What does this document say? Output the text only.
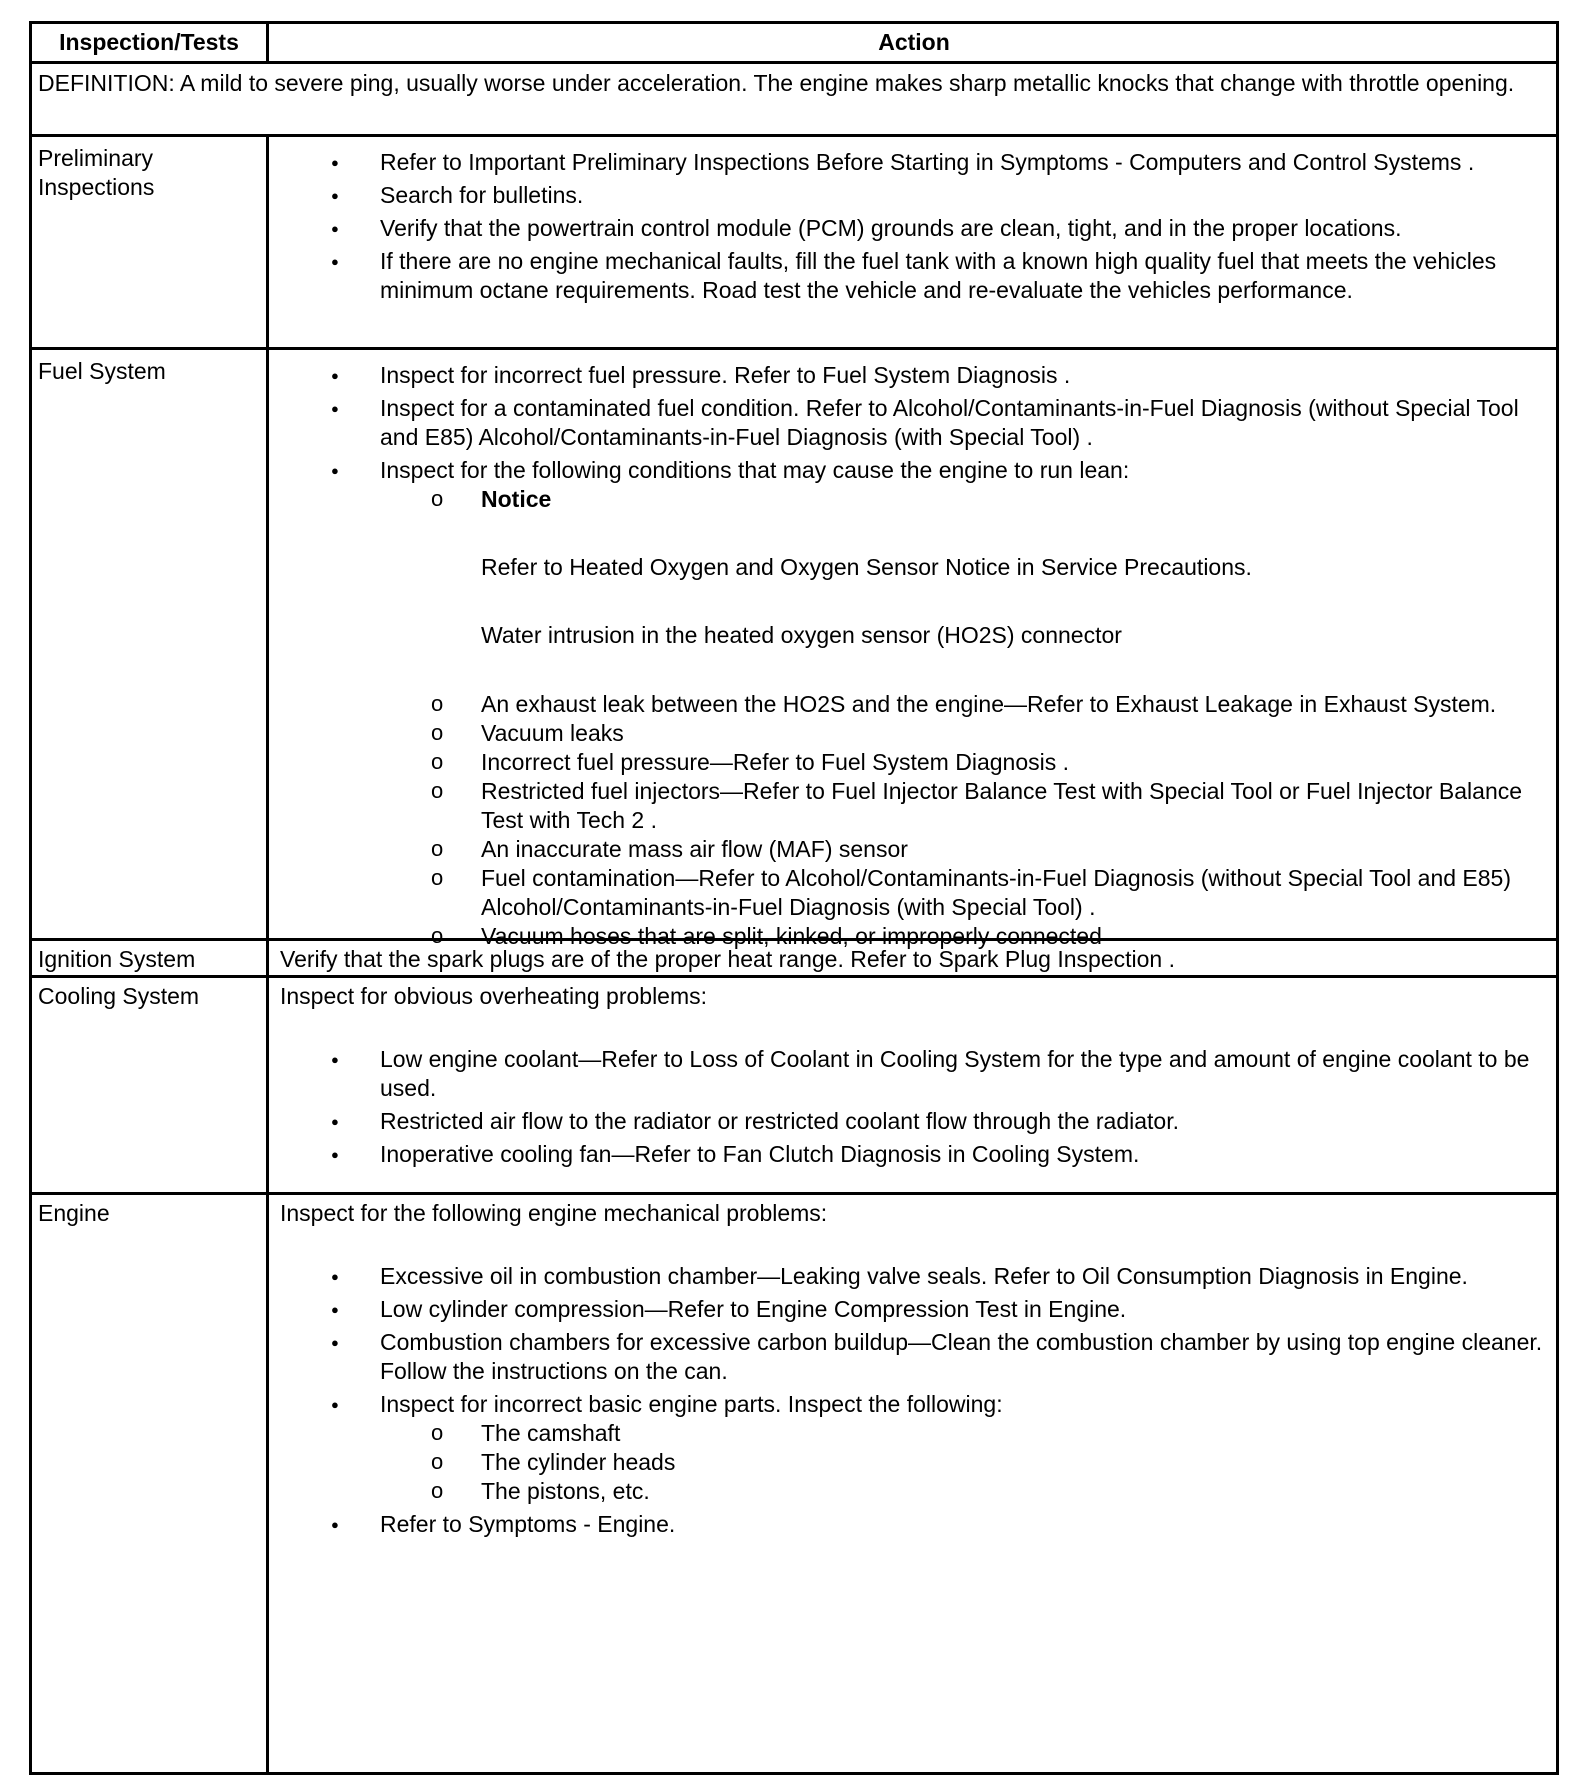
Inspection/Tests	Action
DEFINITION: A mild to severe ping, usually worse under acceleration. The engine makes sharp metallic knocks that change with throttle opening.
Preliminary Inspections
● Refer to Important Preliminary Inspections Before Starting in Symptoms - Computers and Control Systems .
● Search for bulletins.
● Verify that the powertrain control module (PCM) grounds are clean, tight, and in the proper locations.
● If there are no engine mechanical faults, fill the fuel tank with a known high quality fuel that meets the vehicles minimum octane requirements. Road test the vehicle and re-evaluate the vehicles performance.
Fuel System
●	Inspect for incorrect fuel pressure. Refer to Fuel System Diagnosis .
● Inspect for a contaminated fuel condition. Refer to Alcohol/Contaminants-in-Fuel Diagnosis (without Special Tool and E85) Alcohol/Contaminants-in-Fuel Diagnosis (with Special Tool) .
● Inspect for the following conditions that may cause the engine to run lean:
o Notice
Refer to Heated Oxygen and Oxygen Sensor Notice in Service Precautions.
Water intrusion in the heated oxygen sensor (HO2S) connector
o An exhaust leak between the HO2S and the engine—Refer to Exhaust Leakage in Exhaust System.
o Vacuum leaks
o Incorrect fuel pressure—Refer to Fuel System Diagnosis .
o Restricted fuel injectors—Refer to Fuel Injector Balance Test with Special Tool or Fuel Injector Balance Test with Tech 2 .
o An inaccurate mass air flow (MAF) sensor
o Fuel contamination—Refer to Alcohol/Contaminants-in-Fuel Diagnosis (without Special Tool and E85) Alcohol/Contaminants-in-Fuel Diagnosis (with Special Tool) .
o Vacuum hoses that are split, kinked, or improperly connected
Ignition System	Verify that the spark plugs are of the proper heat range. Refer to Spark Plug Inspection .
Cooling System	Inspect for obvious overheating problems:
● Low engine coolant—Refer to Loss of Coolant in Cooling System for the type and amount of engine coolant to be used.
● Restricted air flow to the radiator or restricted coolant flow through the radiator.
● Inoperative cooling fan—Refer to Fan Clutch Diagnosis in Cooling System.
Engine	Inspect for the following engine mechanical problems:
● Excessive oil in combustion chamber—Leaking valve seals. Refer to Oil Consumption Diagnosis in Engine.
● Low cylinder compression—Refer to Engine Compression Test in Engine.
● Combustion chambers for excessive carbon buildup—Clean the combustion chamber by using top engine cleaner. Follow the instructions on the can.
● Inspect for incorrect basic engine parts. Inspect the following:
o The camshaft
o The cylinder heads
o The pistons, etc.
● Refer to Symptoms - Engine.
